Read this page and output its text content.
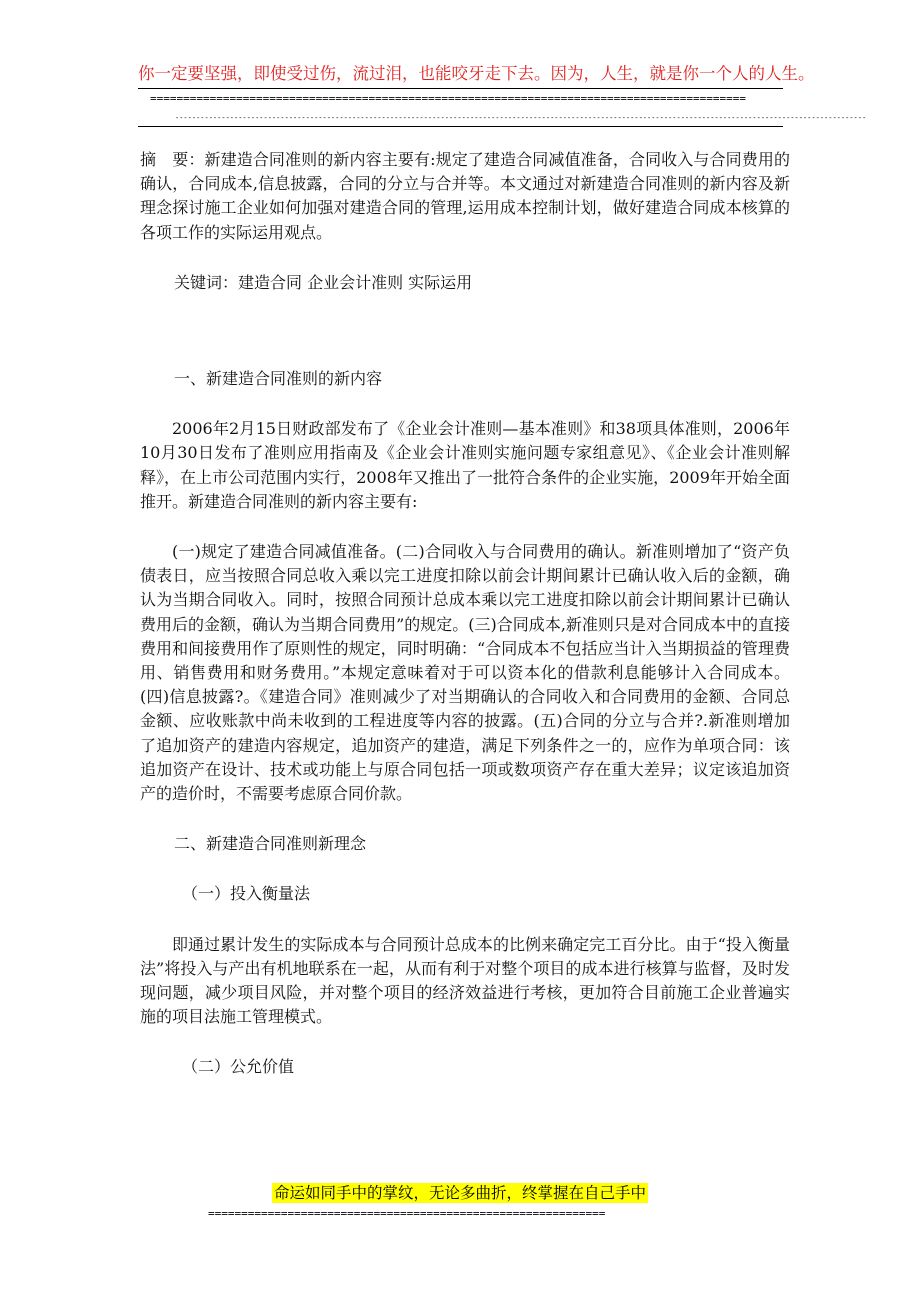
你一定要坚强，即使受过伤，流过泪，也能咬牙走下去。因为，人生，就是你一个人的人生。
==========================================================================================
--------------------------------------------------------------------------------------------------------------------------------------------------------------------

摘　要：新建造合同准则的新内容主要有:规定了建造合同减值准备，合同收入与合同费用的确认，合同成本,信息披露，合同的分立与合并等。本文通过对新建造合同准则的新内容及新理念探讨施工企业如何加强对建造合同的管理,运用成本控制计划，做好建造合同成本核算的各项工作的实际运用观点。

关键词：建造合同 企业会计准则 实际运用

一、新建造合同准则的新内容

2006年2月15日财政部发布了《企业会计准则—基本准则》和38项具体准则，2006年10月30日发布了准则应用指南及《企业会计准则实施问题专家组意见》、《企业会计准则解释》，在上市公司范围内实行，2008年又推出了一批符合条件的企业实施，2009年开始全面推开。新建造合同准则的新内容主要有:

(一)规定了建造合同减值准备。(二)合同收入与合同费用的确认。新准则增加了“资产负债表日，应当按照合同总收入乘以完工进度扣除以前会计期间累计已确认收入后的金额，确认为当期合同收入。同时，按照合同预计总成本乘以完工进度扣除以前会计期间累计已确认费用后的金额，确认为当期合同费用”的规定。(三)合同成本,新准则只是对合同成本中的直接费用和间接费用作了原则性的规定，同时明确：“合同成本不包括应当计入当期损益的管理费用、销售费用和财务费用。”本规定意味着对于可以资本化的借款利息能够计入合同成本。(四)信息披露?。《建造合同》准则减少了对当期确认的合同收入和合同费用的金额、合同总金额、应收账款中尚未收到的工程进度等内容的披露。(五)合同的分立与合并?.新准则增加了追加资产的建造内容规定，追加资产的建造，满足下列条件之一的，应作为单项合同：该追加资产在设计、技术或功能上与原合同包括一项或数项资产存在重大差异；议定该追加资产的造价时，不需要考虑原合同价款。

二、新建造合同准则新理念

（一）投入衡量法

即通过累计发生的实际成本与合同预计总成本的比例来确定完工百分比。由于“投入衡量法”将投入与产出有机地联系在一起，从而有利于对整个项目的成本进行核算与监督，及时发现问题，减少项目风险，并对整个项目的经济效益进行考核，更加符合目前施工企业普遍实施的项目法施工管理模式。

（二）公允价值

命运如同手中的掌纹，无论多曲折，终掌握在自己手中
============================================================
